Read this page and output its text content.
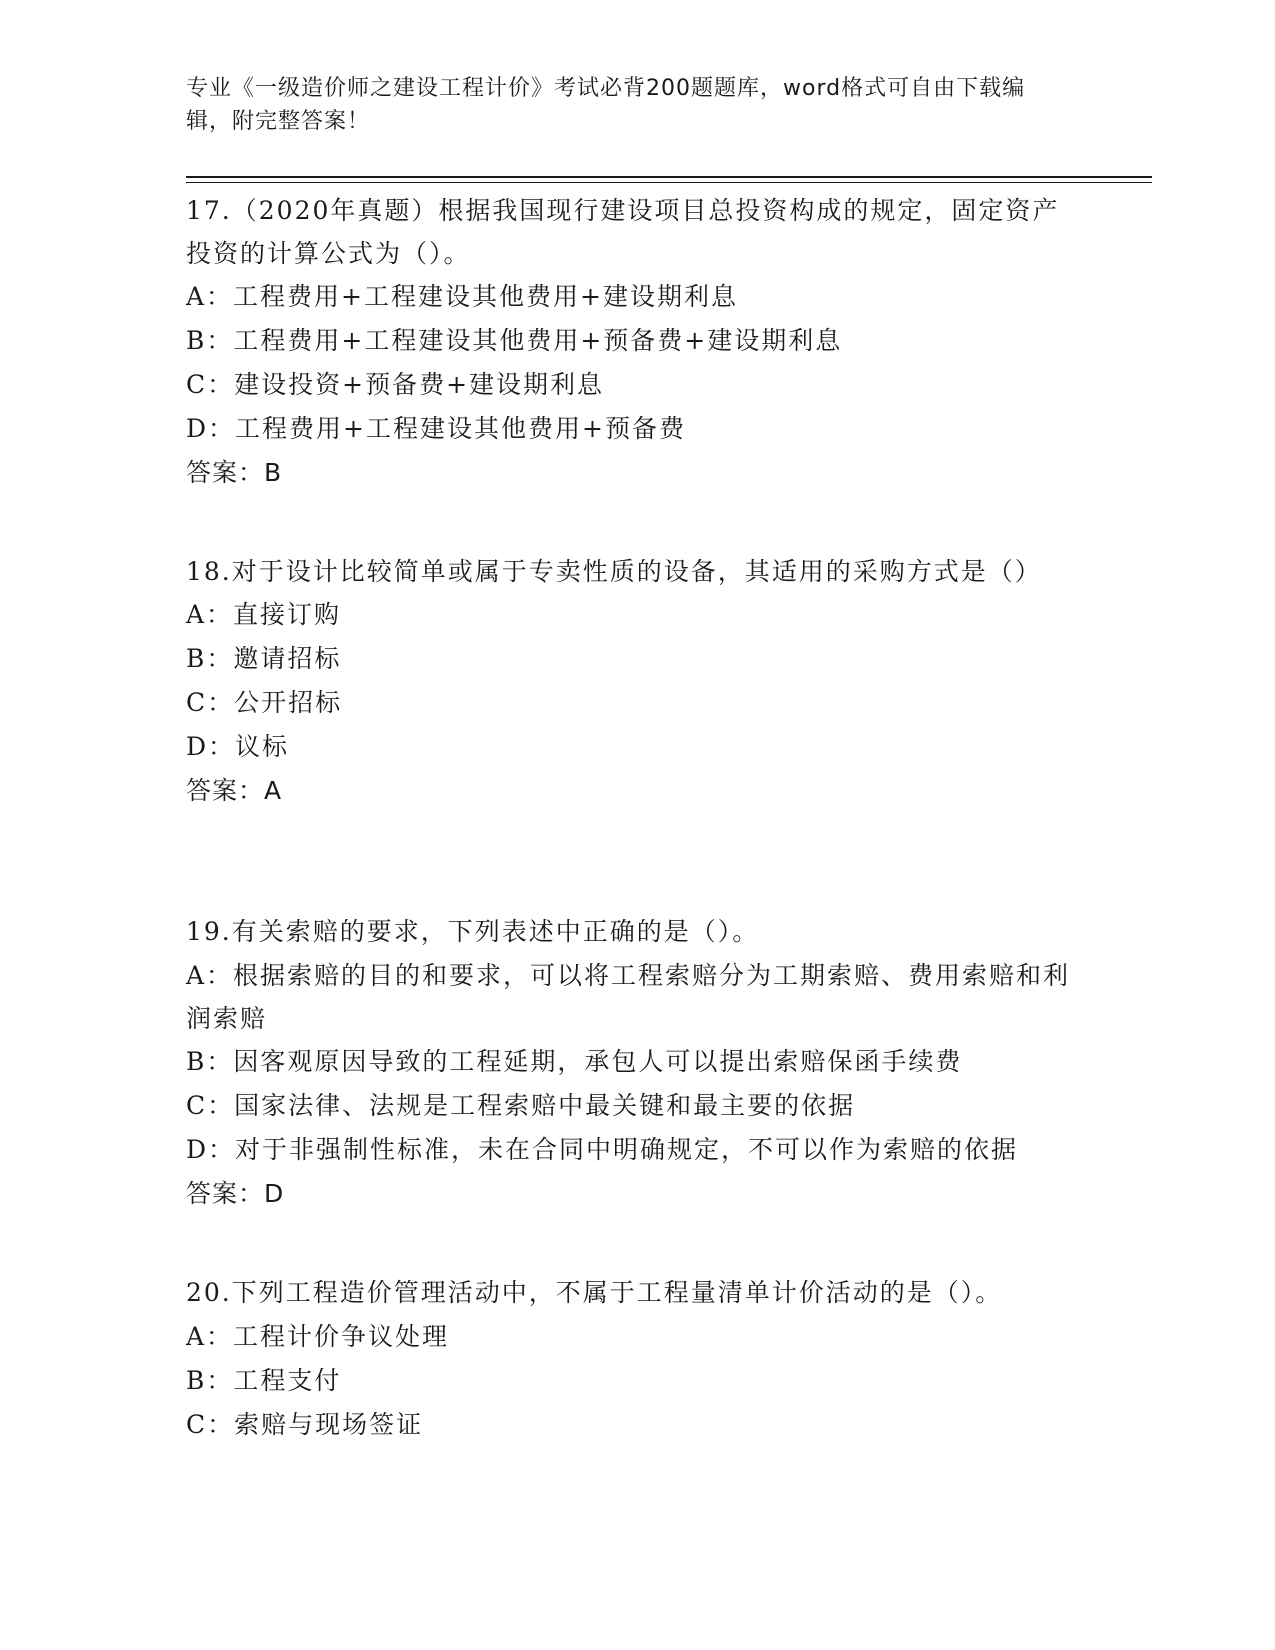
专业《一级造价师之建设工程计价》考试必背200题题库，word格式可自由下载编辑，附完整答案！

17.（2020年真题）根据我国现行建设项目总投资构成的规定，固定资产投资的计算公式为（）。

A：工程费用+工程建设其他费用+建设期利息

B：工程费用+工程建设其他费用+预备费+建设期利息

C：建设投资+预备费+建设期利息

D：工程费用+工程建设其他费用+预备费

答案：B

18.对于设计比较简单或属于专卖性质的设备，其适用的采购方式是（）

A：直接订购

B：邀请招标

C：公开招标

D：议标

答案：A

19.有关索赔的要求，下列表述中正确的是（）。

A：根据索赔的目的和要求，可以将工程索赔分为工期索赔、费用索赔和利润索赔

B：因客观原因导致的工程延期，承包人可以提出索赔保函手续费

C：国家法律、法规是工程索赔中最关键和最主要的依据

D：对于非强制性标准，未在合同中明确规定，不可以作为索赔的依据

答案：D

20.下列工程造价管理活动中，不属于工程量清单计价活动的是（）。

A：工程计价争议处理

B：工程支付

C：索赔与现场签证
